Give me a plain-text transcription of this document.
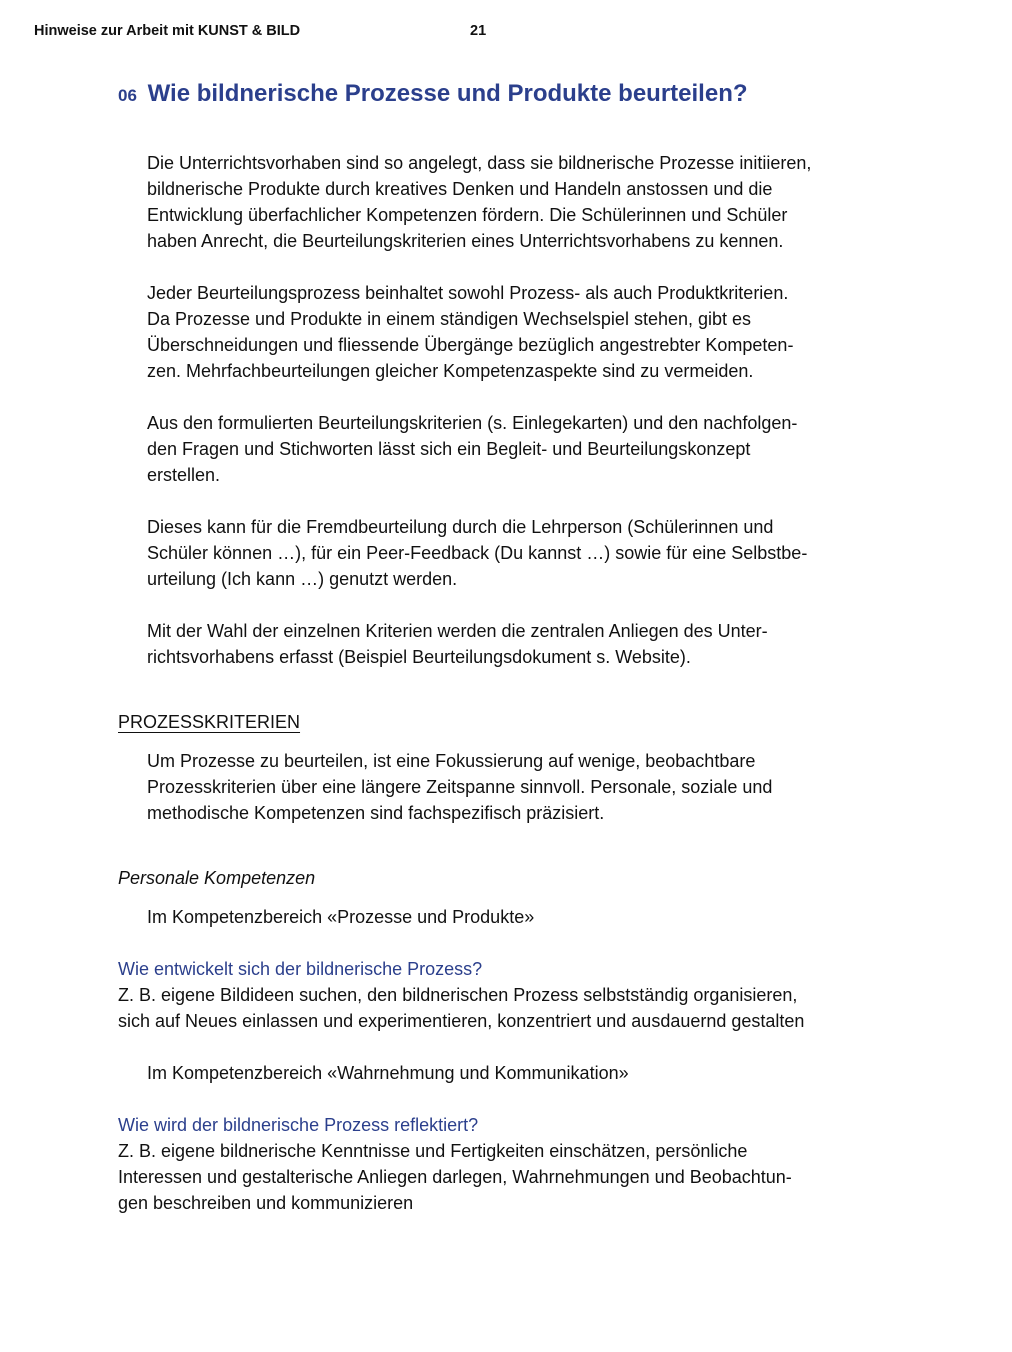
Hinweise zur Arbeit mit KUNST & BILD	21
06 Wie bildnerische Prozesse und Produkte beurteilen?

Die Unterrichtsvorhaben sind so angelegt, dass sie bildnerische Prozesse initiieren,
bildnerische Produkte durch kreatives Denken und Handeln anstossen und die
Entwicklung überfachlicher Kompetenzen fördern. Die Schülerinnen und Schüler
haben Anrecht, die Beurteilungskriterien eines Unterrichtsvorhabens zu kennen.

Jeder Beurteilungsprozess beinhaltet sowohl Prozess- als auch Produktkriterien.
Da Prozesse und Produkte in einem ständigen Wechselspiel stehen, gibt es
Überschneidungen und fliessende Übergänge bezüglich angestrebter Kompeten-
zen. Mehrfachbeurteilungen gleicher Kompetenzaspekte sind zu vermeiden.

Aus den formulierten Beurteilungskriterien (s. Einlegekarten) und den nachfolgen-
den Fragen und Stichworten lässt sich ein Begleit- und Beurteilungskonzept
erstellen.

Dieses kann für die Fremdbeurteilung durch die Lehrperson (Schülerinnen und
Schüler können …), für ein Peer-Feedback (Du kannst …) sowie für eine Selbstbe-
urteilung (Ich kann …) genutzt werden.

Mit der Wahl der einzelnen Kriterien werden die zentralen Anliegen des Unter-
richtsvorhabens erfasst (Beispiel Beurteilungsdokument s. Website).

PROZESSKRITERIEN

Um Prozesse zu beurteilen, ist eine Fokussierung auf wenige, beobachtbare
Prozesskriterien über eine längere Zeitspanne sinnvoll. Personale, soziale und
methodische Kompetenzen sind fachspezifisch präzisiert.

Personale Kompetenzen

Im Kompetenzbereich «Prozesse und Produkte»

Wie entwickelt sich der bildnerische Prozess?

Z. B. eigene Bildideen suchen, den bildnerischen Prozess selbstständig organisieren,
sich auf Neues einlassen und experimentieren, konzentriert und ausdauernd gestalten

Im Kompetenzbereich «Wahrnehmung und Kommunikation»

Wie wird der bildnerische Prozess reflektiert?

Z. B. eigene bildnerische Kenntnisse und Fertigkeiten einschätzen, persönliche
Interessen und gestalterische Anliegen darlegen, Wahrnehmungen und Beobachtun-
gen beschreiben und kommunizieren
